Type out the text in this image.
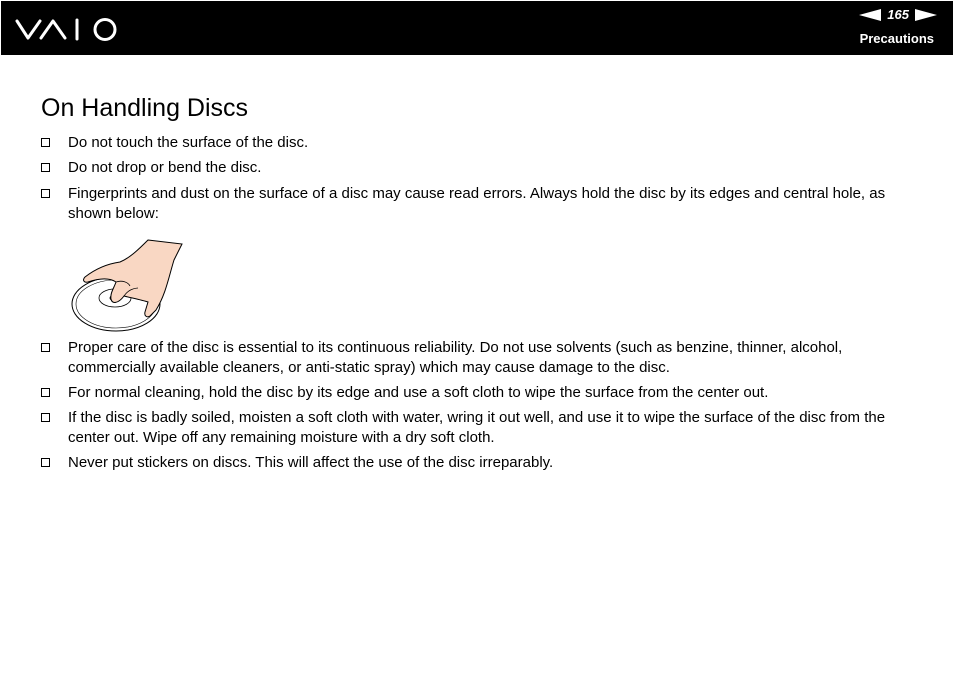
165
Precautions
On Handling Discs
Do not touch the surface of the disc.
Do not drop or bend the disc.
Fingerprints and dust on the surface of a disc may cause read errors. Always hold the disc by its edges and central hole, as shown below:
Proper care of the disc is essential to its continuous reliability. Do not use solvents (such as benzine, thinner, alcohol, commercially available cleaners, or anti-static spray) which may cause damage to the disc.
For normal cleaning, hold the disc by its edge and use a soft cloth to wipe the surface from the center out.
If the disc is badly soiled, moisten a soft cloth with water, wring it out well, and use it to wipe the surface of the disc from the center out. Wipe off any remaining moisture with a dry soft cloth.
Never put stickers on discs. This will affect the use of the disc irreparably.
